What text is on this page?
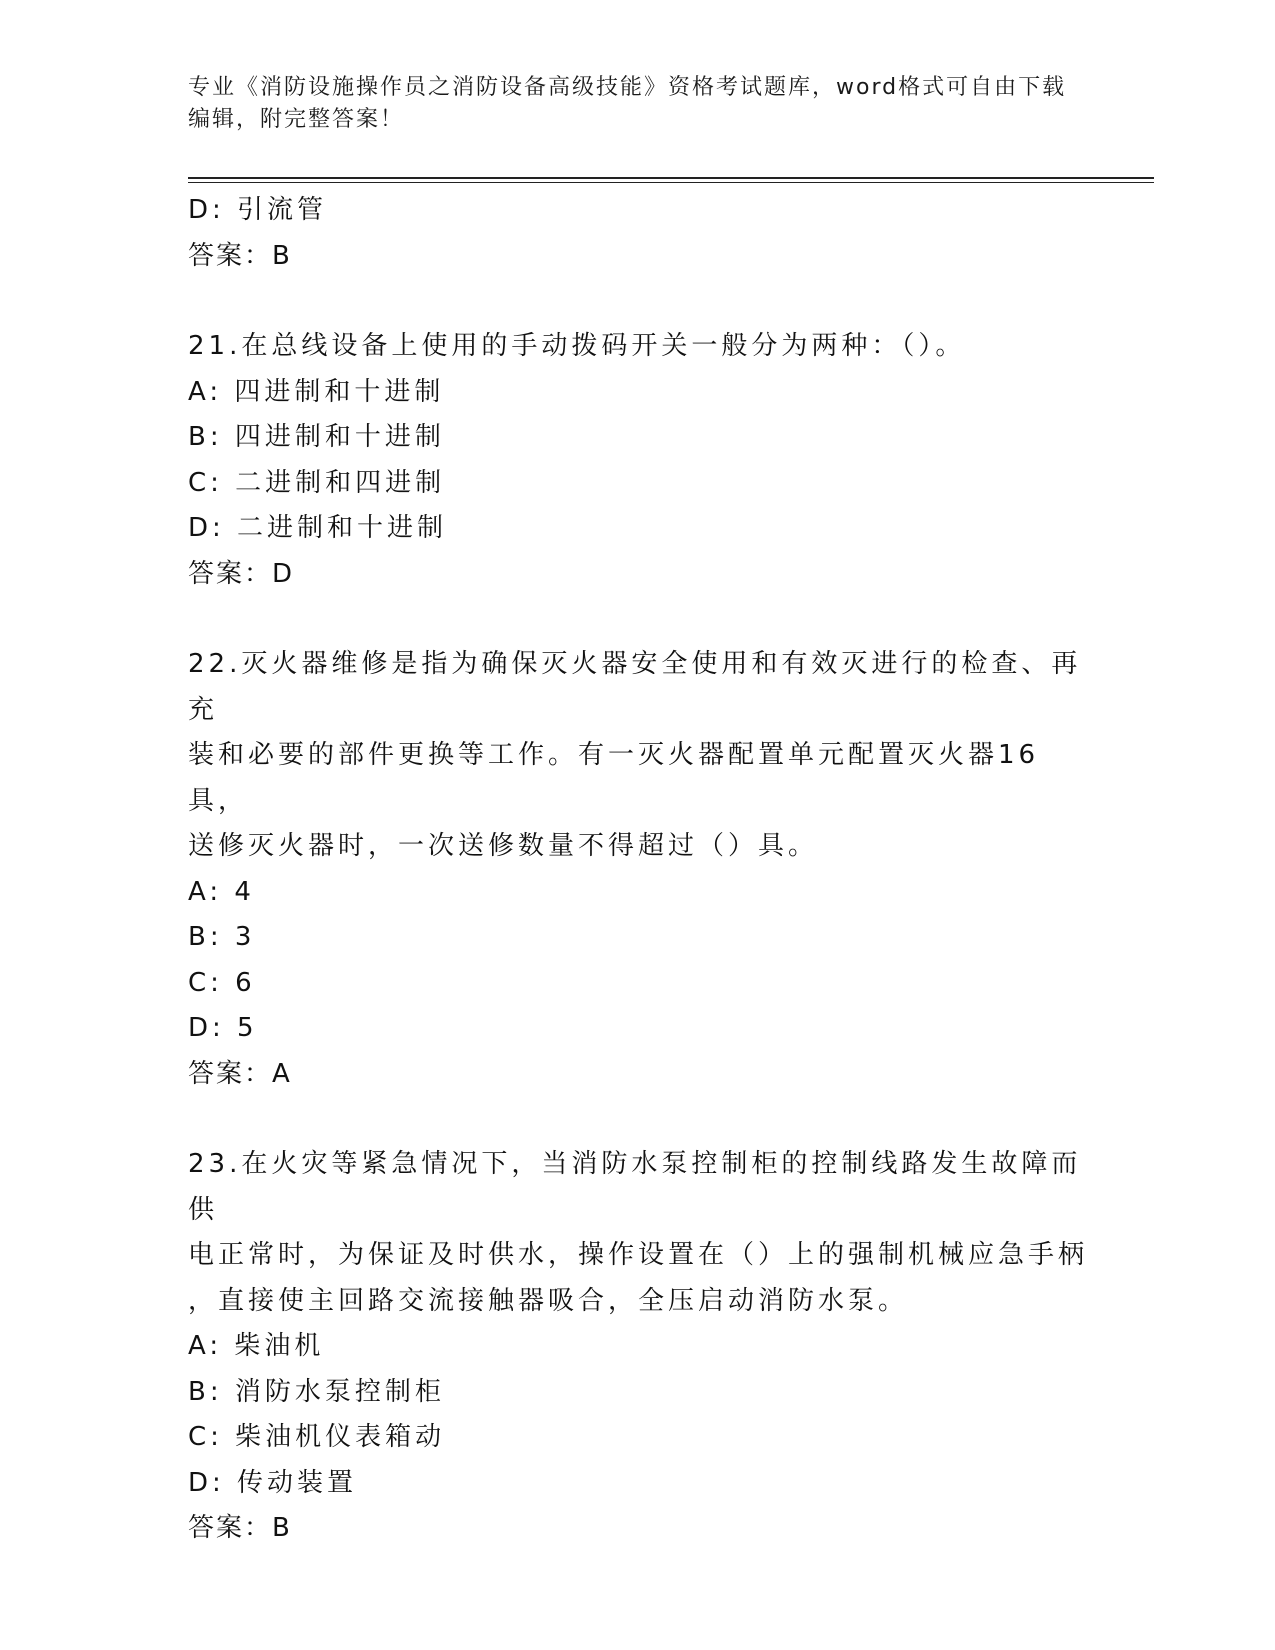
专业《消防设施操作员之消防设备高级技能》资格考试题库，word格式可自由下载编辑，附完整答案！
D: 引流管
答案：B
21.在总线设备上使用的手动拨码开关一般分为两种：（）。
A: 四进制和十进制
B: 四进制和十进制
C: 二进制和四进制
D: 二进制和十进制
答案：D
22.灭火器维修是指为确保灭火器安全使用和有效灭进行的检查、再充
装和必要的部件更换等工作。有一灭火器配置单元配置灭火器16具，
送修灭火器时，一次送修数量不得超过（）具。
A: 4
B: 3
C: 6
D: 5
答案：A
23.在火灾等紧急情况下，当消防水泵控制柜的控制线路发生故障而供
电正常时，为保证及时供水，操作设置在（）上的强制机械应急手柄
，直接使主回路交流接触器吸合，全压启动消防水泵。
A: 柴油机
B: 消防水泵控制柜
C: 柴油机仪表箱动
D: 传动装置
答案：B
